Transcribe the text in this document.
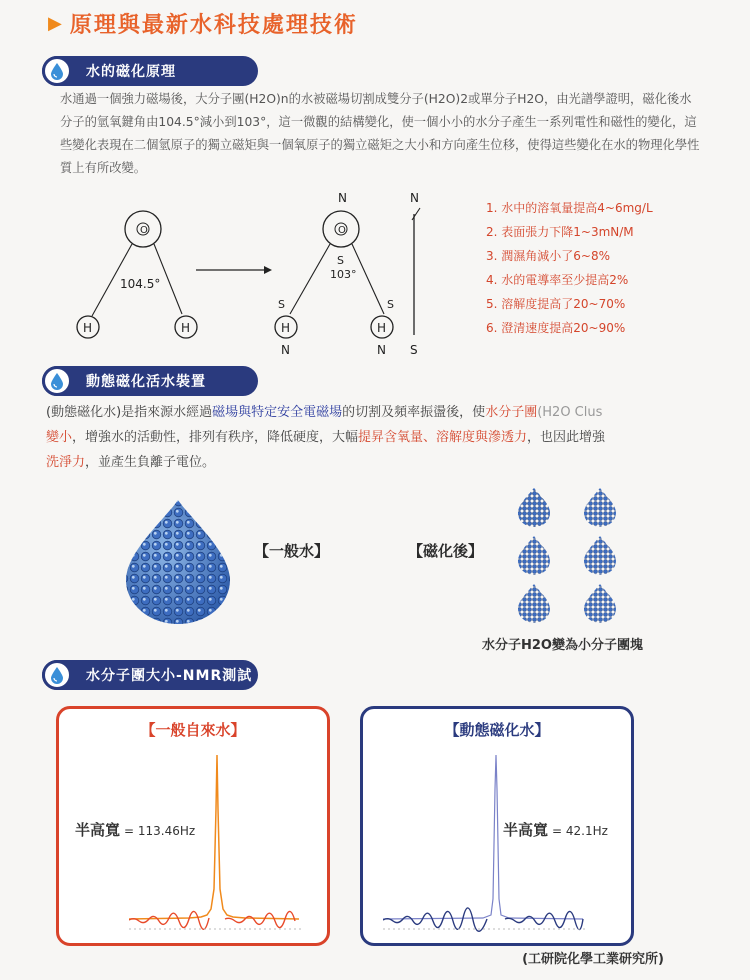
▶ 原理與最新水科技處理技術
水的磁化原理
水通過一個強力磁場後，大分子團(H2O)n的水被磁場切割成雙分子(H2O)2或單分子H2O，由光譜學證明，磁化後水分子的氫氧鍵角由104.5°減小到103°，這一微觀的結構變化，使一個小小的水分子產生一系列電性和磁性的變化，這些變化表現在二個氫原子的獨立磁矩與一個氧原子的獨立磁矩之大小和方向產生位移，使得這些變化在水的物理化學性質上有所改變。
O
H	H
104.5°
N
O
S
103°
S	S
H	H
N	N
N
S
1. 水中的溶氧量提高4~6mg/L
2. 表面張力下降1~3mN/M
3. 潤濕角減小了6~8%
4. 水的電導率至少提高2%
5. 溶解度提高了20~70%
6. 澄清速度提高20~90%
動態磁化活水裝置
(動態磁化水)是指來源水經過磁場與特定安全電磁場的切割及頻率振盪後，使水分子團(H2O Clus
變小，增強水的活動性，排列有秩序，降低硬度，大幅提昇含氧量、溶解度與滲透力，也因此增強
洗淨力，並產生負離子電位。
【一般水】	【磁化後】
水分子H2O變為小分子團塊
水分子團大小-NMR測試
【一般自來水】
半高寬 = 113.46Hz
【動態磁化水】
半高寬 = 42.1Hz
(工研院化學工業研究所)
